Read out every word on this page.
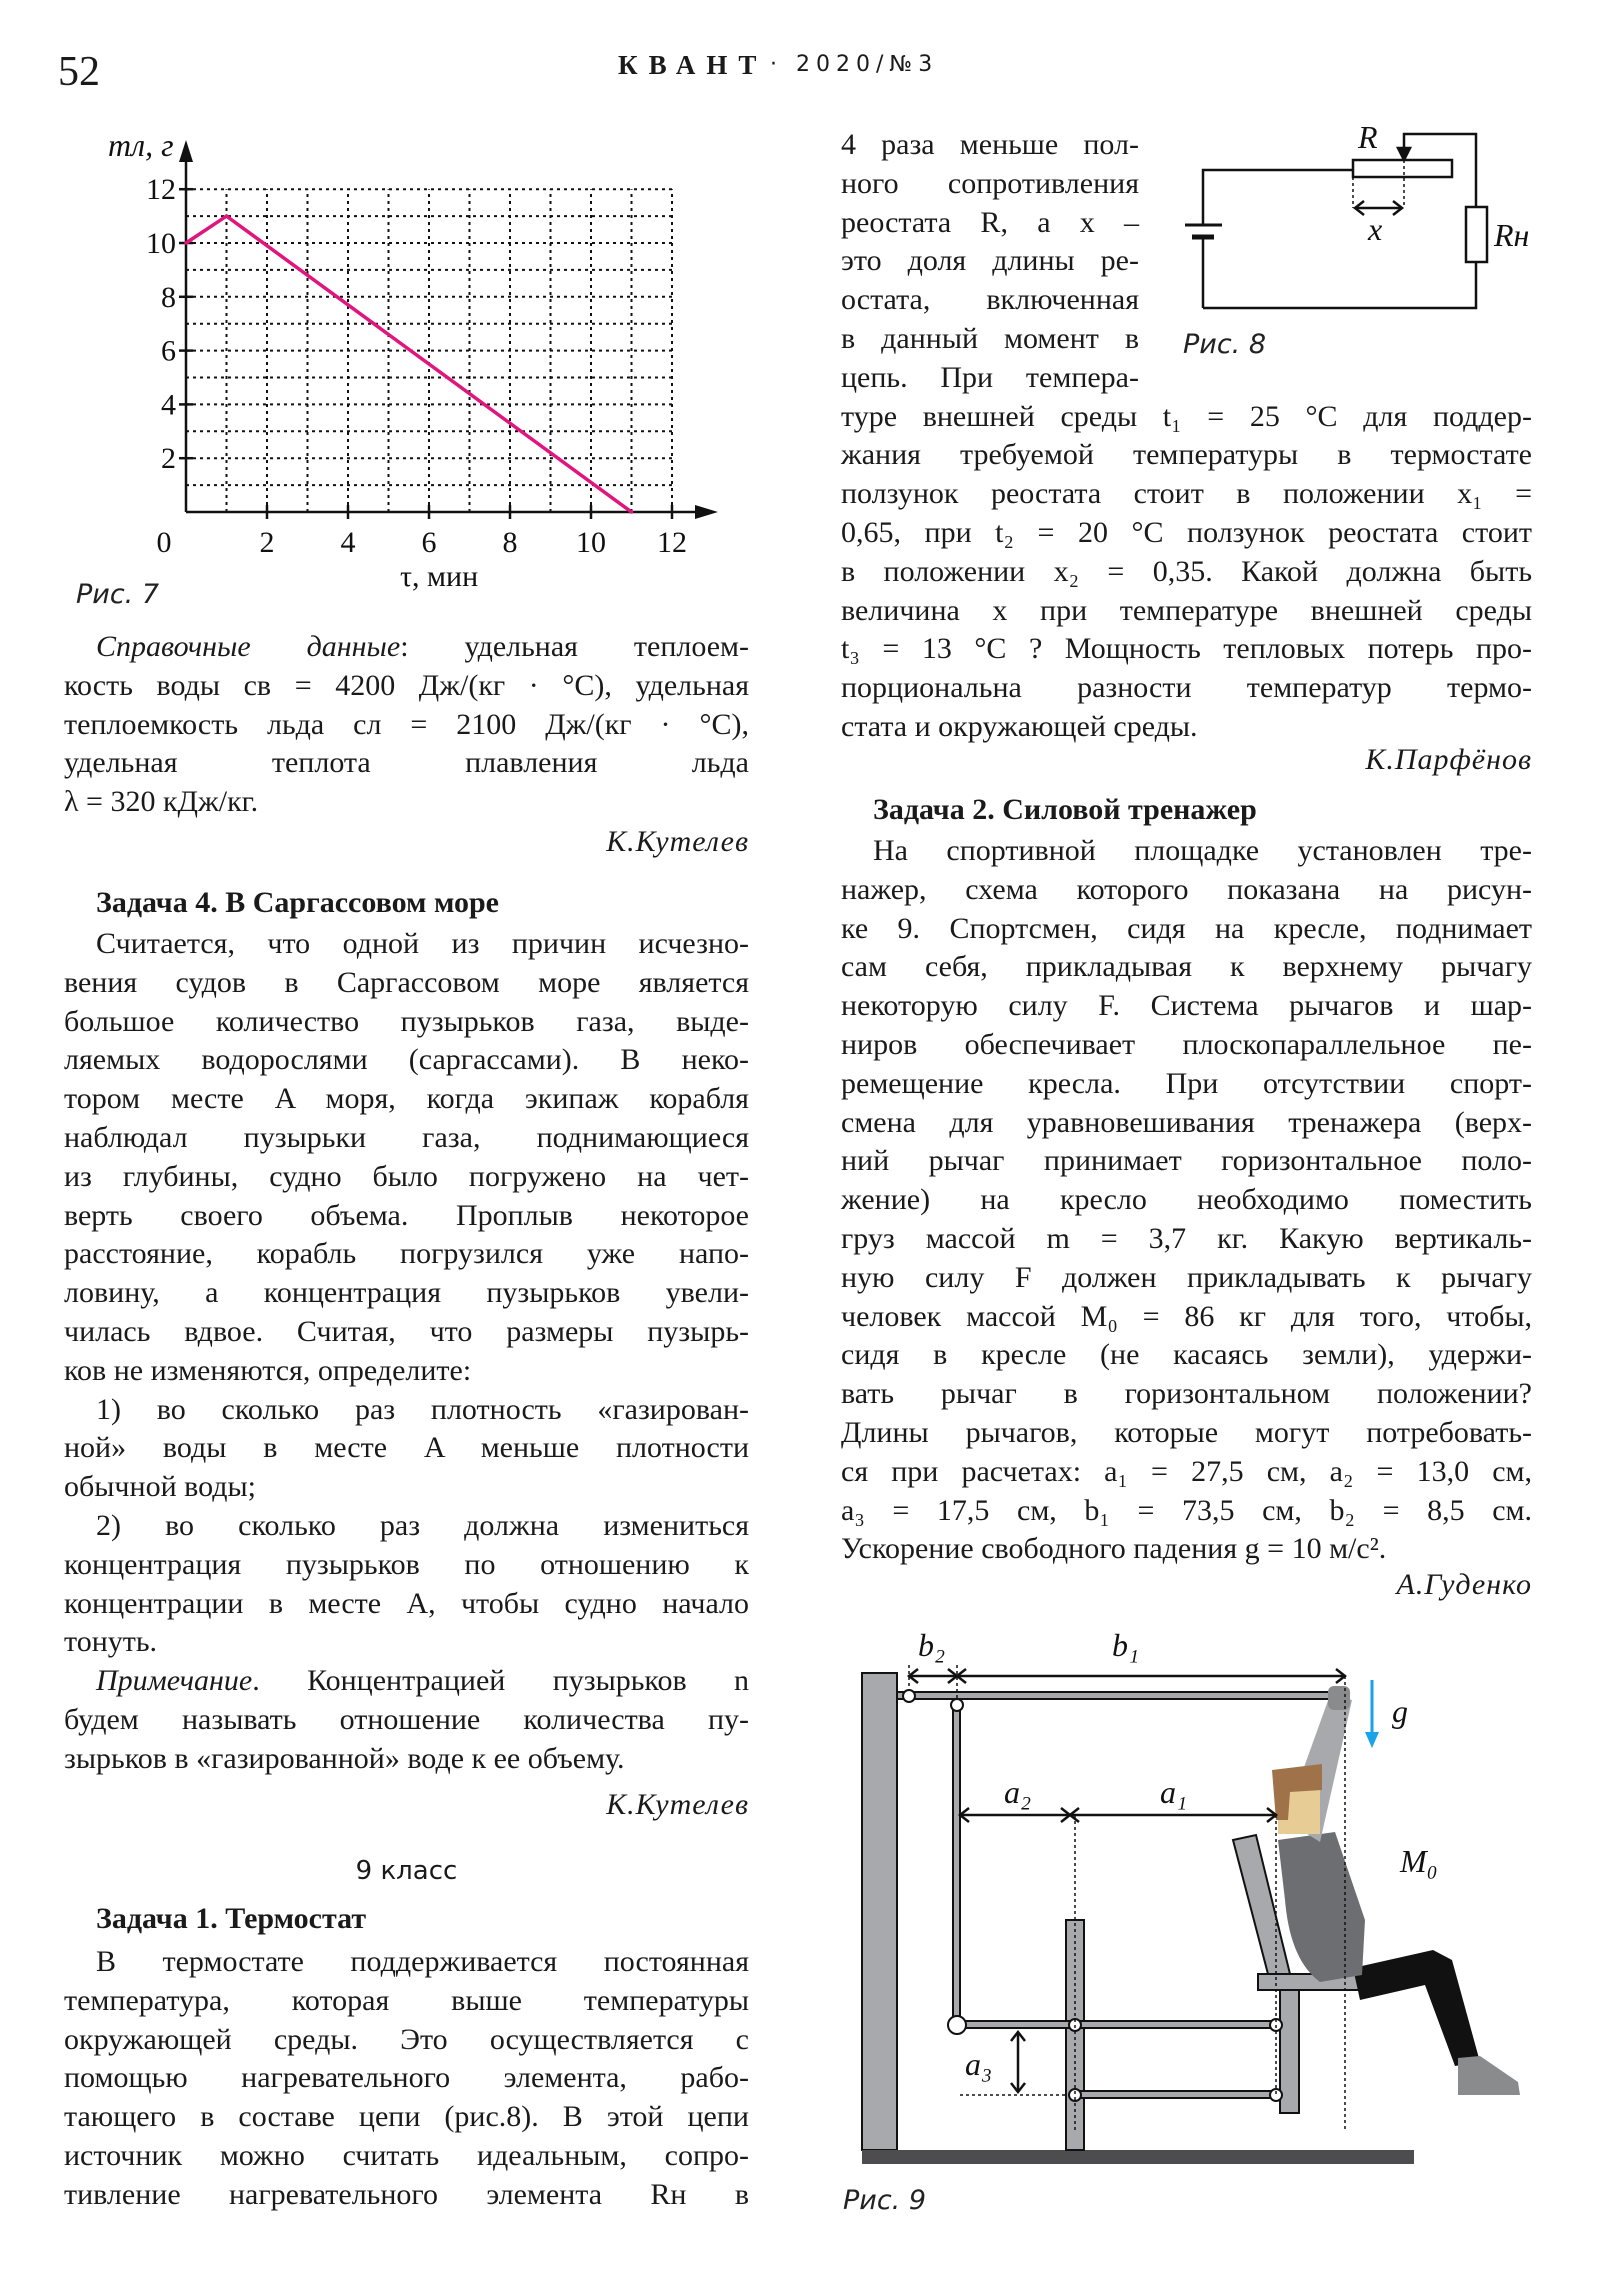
52	КВАНТ · 2020/№3
0	2 4 6 8 10 12
2
4
6
8
10
12
mл, г
τ, мин
Рис. 7
R
x	Rн
Рис. 8
b₂	b₁
g
a₂	a₁
M₀
a₃
Рис. 9
Справочные данные: удельная теплоем-
кость воды cв = 4200 Дж/(кг · °C), удельная
теплоемкость льда cл = 2100 Дж/(кг · °C),
удельная теплота плавления льда
λ = 320 кДж/кг.
К.Кутелев
Задача 4. В Саргассовом море
Считается, что одной из причин исчезно-
вения судов в Саргассовом море является
большое количество пузырьков газа, выде-
ляемых водорослями (саргассами). В неко-
тором месте A моря, когда экипаж корабля
наблюдал пузырьки газа, поднимающиеся
из глубины, судно было погружено на чет-
верть своего объема. Проплыв некоторое
расстояние, корабль погрузился уже напо-
ловину, а концентрация пузырьков увели-
чилась вдвое. Считая, что размеры пузырь-
ков не изменяются, определите:
1) во сколько раз плотность «газирован-
ной» воды в месте A меньше плотности
обычной воды;
2) во сколько раз должна измениться
концентрация пузырьков по отношению к
концентрации в месте A, чтобы судно начало
тонуть.
Примечание. Концентрацией пузырьков n
будем называть отношение количества пу-
зырьков в «газированной» воде к ее объему.
К.Кутелев
9 класс
Задача 1. Термостат
В термостате поддерживается постоянная
температура, которая выше температуры
окружающей среды. Это осуществляется с
помощью нагревательного элемента, рабо-
тающего в составе цепи (рис.8). В этой цепи
источник можно считать идеальным, сопро-
тивление нагревательного элемента Rн в
4 раза меньше пол-
ного сопротивления
реостата R, а x –
это доля длины ре-
остата, включенная
в данный момент в
цепь. При темпера-
туре внешней среды t₁ = 25 °C для поддер-
жания требуемой температуры в термостате
ползунок реостата стоит в положении x₁ =
0,65, при t₂ = 20 °C ползунок реостата стоит
в положении x₂ = 0,35. Какой должна быть
величина x при температуре внешней среды
t₃ = 13 °C ? Мощность тепловых потерь про-
порциональна разности температур термо-
стата и окружающей среды.
К.Парфёнов
Задача 2. Силовой тренажер
На спортивной площадке установлен тре-
нажер, схема которого показана на рисун-
ке 9. Спортсмен, сидя на кресле, поднимает
сам себя, прикладывая к верхнему рычагу
некоторую силу F. Система рычагов и шар-
ниров обеспечивает плоскопараллельное пе-
ремещение кресла. При отсутствии спорт-
смена для уравновешивания тренажера (верх-
ний рычаг принимает горизонтальное поло-
жение) на кресло необходимо поместить
груз массой m = 3,7 кг. Какую вертикаль-
ную силу F должен прикладывать к рычагу
человек массой M₀ = 86 кг для того, чтобы,
сидя в кресле (не касаясь земли), удержи-
вать рычаг в горизонтальном положении?
Длины рычагов, которые могут потребовать-
ся при расчетах: a₁ = 27,5 см, a₂ = 13,0 см,
a₃ = 17,5 см, b₁ = 73,5 см, b₂ = 8,5 см.
Ускорение свободного падения g = 10 м/с².
А.Гуденко
